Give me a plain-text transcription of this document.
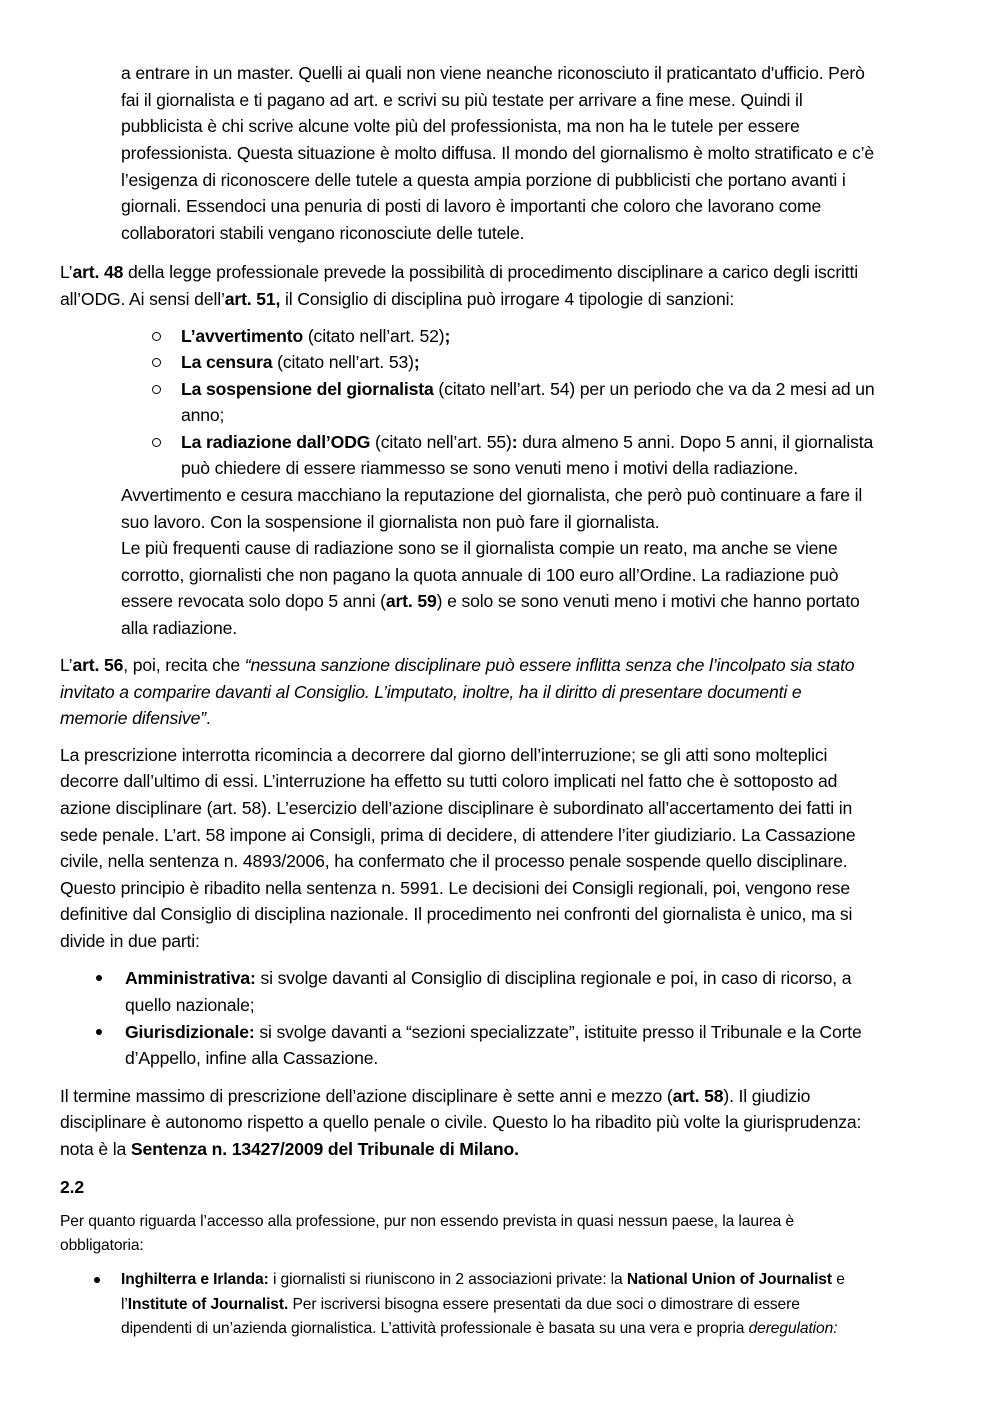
a entrare in un master. Quelli ai quali non viene neanche riconosciuto il praticantato d'ufficio. Però
fai il giornalista e ti pagano ad art. e scrivi su più testate per arrivare a fine mese. Quindi il
pubblicista è chi scrive alcune volte più del professionista, ma non ha le tutele per essere
professionista. Questa situazione è molto diffusa. Il mondo del giornalismo è molto stratificato e c’è
l’esigenza di riconoscere delle tutele a questa ampia porzione di pubblicisti che portano avanti i
giornali. Essendoci una penuria di posti di lavoro è importanti che coloro che lavorano come
collaboratori stabili vengano riconosciute delle tutele.
L’art. 48 della legge professionale prevede la possibilità di procedimento disciplinare a carico degli iscritti
all’ODG. Ai sensi dell’art. 51, il Consiglio di disciplina può irrogare 4 tipologie di sanzioni:
L’avvertimento (citato nell’art. 52);
La censura (citato nell’art. 53);
La sospensione del giornalista (citato nell’art. 54) per un periodo che va da 2 mesi ad un
anno;
La radiazione dall’ODG (citato nell’art. 55): dura almeno 5 anni. Dopo 5 anni, il giornalista
può chiedere di essere riammesso se sono venuti meno i motivi della radiazione.
Avvertimento e cesura macchiano la reputazione del giornalista, che però può continuare a fare il
suo lavoro. Con la sospensione il giornalista non può fare il giornalista.
Le più frequenti cause di radiazione sono se il giornalista compie un reato, ma anche se viene
corrotto, giornalisti che non pagano la quota annuale di 100 euro all’Ordine. La radiazione può
essere revocata solo dopo 5 anni (art. 59) e solo se sono venuti meno i motivi che hanno portato
alla radiazione.
L’art. 56, poi, recita che “nessuna sanzione disciplinare può essere inflitta senza che l’incolpato sia stato
invitato a comparire davanti al Consiglio. L’imputato, inoltre, ha il diritto di presentare documenti e
memorie difensive”.
La prescrizione interrotta ricomincia a decorrere dal giorno dell’interruzione; se gli atti sono molteplici
decorre dall’ultimo di essi. L’interruzione ha effetto su tutti coloro implicati nel fatto che è sottoposto ad
azione disciplinare (art. 58). L’esercizio dell’azione disciplinare è subordinato all’accertamento dei fatti in
sede penale. L’art. 58 impone ai Consigli, prima di decidere, di attendere l’iter giudiziario. La Cassazione
civile, nella sentenza n. 4893/2006, ha confermato che il processo penale sospende quello disciplinare.
Questo principio è ribadito nella sentenza n. 5991. Le decisioni dei Consigli regionali, poi, vengono rese
definitive dal Consiglio di disciplina nazionale. Il procedimento nei confronti del giornalista è unico, ma si
divide in due parti:
Amministrativa: si svolge davanti al Consiglio di disciplina regionale e poi, in caso di ricorso, a
quello nazionale;
Giurisdizionale: si svolge davanti a “sezioni specializzate”, istituite presso il Tribunale e la Corte
d’Appello, infine alla Cassazione.
Il termine massimo di prescrizione dell’azione disciplinare è sette anni e mezzo (art. 58). Il giudizio
disciplinare è autonomo rispetto a quello penale o civile. Questo lo ha ribadito più volte la giurisprudenza:
nota è la Sentenza n. 13427/2009 del Tribunale di Milano.
2.2
Per quanto riguarda l’accesso alla professione, pur non essendo prevista in quasi nessun paese, la laurea è
obbligatoria:
Inghilterra e Irlanda: i giornalisti si riuniscono in 2 associazioni private: la National Union of Journalist e
l’Institute of Journalist. Per iscriversi bisogna essere presentati da due soci o dimostrare di essere
dipendenti di un’azienda giornalistica. L’attività professionale è basata su una vera e propria deregulation:
